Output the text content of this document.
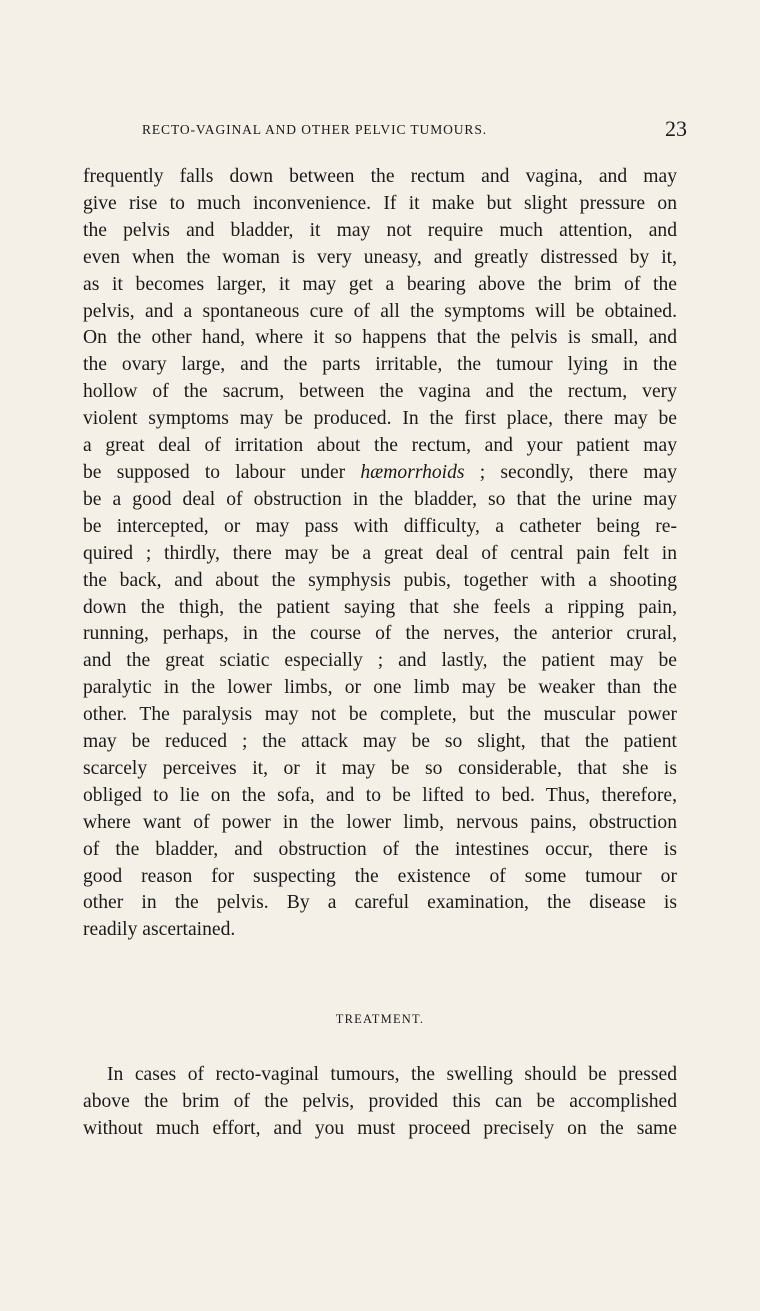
RECTO-VAGINAL AND OTHER PELVIC TUMOURS.	23

frequently falls down between the rectum and vagina, and may
give rise to much inconvenience. If it make but slight pressure on
the pelvis and bladder, it may not require much attention, and
even when the woman is very uneasy, and greatly distressed by it,
as it becomes larger, it may get a bearing above the brim of the
pelvis, and a spontaneous cure of all the symptoms will be obtained.
On the other hand, where it so happens that the pelvis is small, and
the ovary large, and the parts irritable, the tumour lying in the
hollow of the sacrum, between the vagina and the rectum, very
violent symptoms may be produced. In the first place, there may be
a great deal of irritation about the rectum, and your patient may
be supposed to labour under hæmorrhoids ; secondly, there may
be a good deal of obstruction in the bladder, so that the urine may
be intercepted, or may pass with difficulty, a catheter being re-
quired ; thirdly, there may be a great deal of central pain felt in
the back, and about the symphysis pubis, together with a shooting
down the thigh, the patient saying that she feels a ripping pain,
running, perhaps, in the course of the nerves, the anterior crural,
and the great sciatic especially ; and lastly, the patient may be
paralytic in the lower limbs, or one limb may be weaker than the
other. The paralysis may not be complete, but the muscular power
may be reduced ; the attack may be so slight, that the patient
scarcely perceives it, or it may be so considerable, that she is
obliged to lie on the sofa, and to be lifted to bed. Thus, therefore,
where want of power in the lower limb, nervous pains, obstruction
of the bladder, and obstruction of the intestines occur, there is
good reason for suspecting the existence of some tumour or
other in the pelvis. By a careful examination, the disease is
readily ascertained.

TREATMENT.

In cases of recto-vaginal tumours, the swelling should be pressed
above the brim of the pelvis, provided this can be accomplished
without much effort, and you must proceed precisely on the same
